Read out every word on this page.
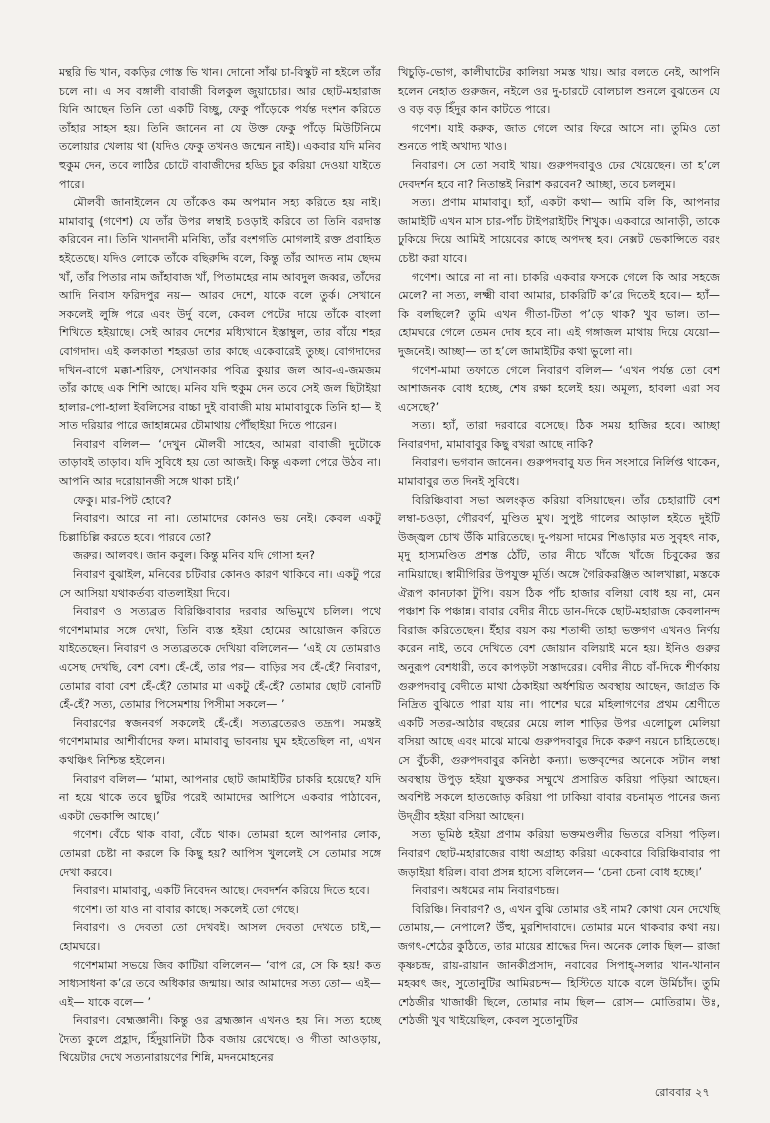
মন্থরি ভি খান, বকড়ির গোস্ত ভি খান। দোনো সাঁঝ চা-বিস্কুট না হইলে তাঁর চলে না। এ সব বঙ্গালী বাবাজী বিলকুল জুয়াচোর। আর ছোট-মহারাজ যিনি আছেন তিনি তো একটি বিচ্ছু, ফেকু পাঁড়েকে পর্যন্ত দংশন করিতে তাঁহার সাহস হয়। তিনি জানেন না যে উক্ত ফেকু পাঁড়ে মিউটিনিমে তলোয়ার খেলায় থা (যদিও ফেকু তখনও জন্মেন নাই)। একবার যদি মনিব হুকুম দেন, তবে লাঠির চোটে বাবাজীদের হড্ডি চুর করিয়া দেওয়া যাইতে পারে।

মৌলবী জানাইলেন যে তাঁকেও কম অপমান সহ্য করিতে হয় নাই। মামাবাবু (গণেশ) যে তাঁর উপর লম্বাই চওড়াই করিবে তা তিনি বরদাস্ত করিবেন না। তিনি খানদানী মনিষ্যি, তাঁর বংশগতি মোগলাই রক্ত প্রবাহিত হইতেছে। যদিও লোকে তাঁকে বছিরুদ্দি বলে, কিন্তু তাঁর আদত নাম ছেদম খাঁ, তাঁর পিতার নাম জাঁহাবাজ খাঁ, পিতামহের নাম আবদুল জব্বর, তাঁদের আদি নিবাস ফরিদপুর নয়— আরব দেশে, যাকে বলে তুর্ক। সেখানে সকলেই লুঙ্গি পরে এবং উর্দু বলে, কেবল পেটের দায়ে তাঁকে বাংলা শিখিতে হইয়াছে। সেই আরব দেশের মধ্যিখানে ইস্তাম্বুল, তার বাঁয়ে শহর বোগদাদ। এই কলকাতা শহরডা তার কাছে একেবারেই তুচ্ছ। বোগদাদের দখিন-বাগে মক্কা-শরিফ, সেখানকার পবিত্র কুয়ার জল আব-এ-জমজম তাঁর কাছে এক শিশি আছে। মনিব যদি হুকুম দেন তবে সেই জল ছিটাইয়া হালার-পো-হালা ইবলিসের বাচ্চা দুই বাবাজী মায় মামাবাবুকে তিনি হা— ই সাত দরিয়ার পারে জাহান্নমের চৌমাথায় পৌঁছাইয়া দিতে পারেন।

নিবারণ বলিল— ‘দেখুন মৌলবী সাহেব, আমরা বাবাজী দুটোকে তাড়াবই তাড়াব। যদি সুবিধে হয় তো আজই। কিন্তু একলা পেরে উঠব না। আপনি আর দরোয়ানজী সঙ্গে থাকা চাই।’

ফেকু। মার-পিট হোবে?

নিবারণ। আরে না না। তোমাদের কোনও ভয় নেই। কেবল একটু চিল্লাচিল্লি করতে হবে। পারবে তো?

জরুর। আলবৎ। জান কবুল। কিন্তু মনিব যদি গোসা হন?

নিবারণ বুঝাইল, মনিবের চটিবার কোনও কারণ থাকিবে না। একটু পরে সে আসিয়া যথাকর্তব্য বাতলাইয়া দিবে।

নিবারণ ও সত্যব্রত বিরিঞ্চিবাবার দরবার অভিমুখে চলিল। পথে গণেশমামার সঙ্গে দেখা, তিনি ব্যস্ত হইয়া হোমের আয়োজন করিতে যাইতেছেন। নিবারণ ও সত্যব্রতকে দেখিয়া বলিলেন— ‘এই যে তোমরাও এসেছ দেখছি, বেশ বেশ। হেঁ-হেঁ, তার পর— বাড়ির সব হেঁ-হেঁ? নিবারণ, তোমার বাবা বেশ হেঁ-হেঁ? তোমার মা একটু হেঁ-হেঁ? তোমার ছোট বোনটি হেঁ-হেঁ? সত্য, তোমার পিসেমশায় পিসীমা সকলে— ’

নিবারণের স্বজনবর্গ সকলেই হেঁ-হেঁ। সত্যব্রতেরও তদ্রূপ। সমস্তই গণেশমামার আশীর্বাদের ফল। মামাবাবু ভাবনায় ঘুম হইতেছিল না, এখন কথঞ্চিৎ নিশ্চিন্ত হইলেন।

নিবারণ বলিল— ‘মামা, আপনার ছোট জামাইটির চাকরি হয়েছে? যদি না হয়ে থাকে তবে ছুটির পরেই আমাদের আপিসে একবার পাঠাবেন, একটা ভেকান্সি আছে।’

গণেশ। বেঁচে থাক বাবা, বেঁচে থাক। তোমরা হলে আপনার লোক, তোমরা চেষ্টা না করলে কি কিছু হয়? আপিস খুললেই সে তোমার সঙ্গে দেখা করবে।

নিবারণ। মামাবাবু, একটি নিবেদন আছে। দেবদর্শন করিয়ে দিতে হবে।

গণেশ। তা যাও না বাবার কাছে। সকলেই তো গেছে।

নিবারণ। ও দেবতা তো দেখবই। আসল দেবতা দেখতে চাই,— হোমঘরে।

গণেশমামা সভয়ে জিব কাটিয়া বলিলেন— ‘বাপ রে, সে কি হয়! কত সাধ্যসাধনা ক’রে তবে অধিকার জন্মায়। আর আমাদের সত্য তো— এই— এই— যাকে বলে— ’

নিবারণ। বেহ্মজ্ঞানী। কিন্তু ওর ব্রহ্মজ্ঞান এখনও হয় নি। সত্য হচ্ছে দৈত্য কুলে প্রহ্লাদ, হিঁদুয়ানিটা ঠিক বজায় রেখেছে। ও গীতা আওড়ায়, থিয়েটার দেখে সত্যনারায়ণের শিন্নি, মদনমোহনের

খিচুড়ি-ভোগ, কালীঘাটের কালিয়া সমস্ত খায়। আর বলতে নেই, আপনি হলেন নেহাত গুরুজন, নইলে ওর দু-চারটে বোলচাল শুনলে বুঝতেন যে ও বড় বড় হিঁদুর কান কাটতে পারে।

গণেশ। যাই করুক, জাত গেলে আর ফিরে আসে না। তুমিও তো শুনতে পাই অখাদ্য খাও।

নিবারণ। সে তো সবাই খায়। গুরুপদবাবুও ঢের খেয়েছেন। তা হ’লে দেবদর্শন হবে না? নিতান্তই নিরাশ করবেন? আচ্ছা, তবে চললুম।

সত্য। প্রণাম মামাবাবু। হ্যাঁ, একটা কথা— আমি বলি কি, আপনার জামাইটি এখন মাস চার-পাঁচ টাইপরাইটিং শিখুক। একবারে আনাড়ী, তাকে ঢুকিয়ে দিয়ে আমিই সায়েবের কাছে অপদস্থ হব। নেক্সট ভেকান্সিতে বরং চেষ্টা করা যাবে।

গণেশ। আরে না না না। চাকরি একবার ফসকে গেলে কি আর সহজে মেলে? না সত্য, লক্ষ্মী বাবা আমার, চাকরিটি ক’রে দিতেই হবে।— হ্যাঁ— কি বলছিলে? তুমি এখন গীতা-টিতা প’ড়ে থাক? খুব ভাল। তা— হোমঘরে গেলে তেমন দোষ হবে না। এই গঙ্গাজল মাথায় দিয়ে যেয়ো— দুজনেই। আচ্ছা— তা হ’লে জামাইটির কথা ভুলো না।

গণেশ-মামা তফাতে গেলে নিবারণ বলিল— ‘এখন পর্যন্ত তো বেশ আশাজনক বোধ হচ্ছে, শেষ রক্ষা হলেই হয়। অমূল্য, হাবলা এরা সব এসেছে?’

সত্য। হ্যাঁ, তারা দরবারে বসেছে। ঠিক সময় হাজির হবে। আচ্ছা নিবারণদা, মামাবাবুর কিছু বখরা আছে নাকি?

নিবারণ। ভগবান জানেন। গুরুপদবাবু যত দিন সংসারে নির্লিপ্ত থাকেন, মামাবাবুর তত দিনই সুবিধে।

বিরিঞ্চিবাবা সভা অলংকৃত করিয়া বসিয়াছেন। তাঁর চেহারাটি বেশ লম্বা-চওড়া, গৌরবর্ণ, মুণ্ডিত মুখ। সুপুষ্ট গালের আড়াল হইতে দুইটি উজ্জ্বল চোখ উঁকি মারিতেছে। দু-পয়সা দামের শিঙাড়ার মত সুবৃহৎ নাক, মৃদু হাস্যমণ্ডিত প্রশস্ত ঠোঁট, তার নীচে খাঁজে খাঁজে চিবুকের স্তর নামিয়াছে। স্বামীগিরির উপযুক্ত মূর্তি। অঙ্গে গৈরিকরঞ্জিত আলখাল্লা, মস্তকে ঐরূপ কানঢাকা টুপি। বয়স ঠিক পাঁচ হাজার বলিয়া বোধ হয় না, মেন পঞ্চাশ কি পঞ্চান্ন। বাবার বেদীর নীচে ডান-দিকে ছোট-মহারাজ কেবলানন্দ বিরাজ করিতেছেন। ইঁহার বয়স কয় শতাব্দী তাহা ভক্তগণ এখনও নির্ণয় করেন নাই, তবে দেখিতে বেশ জোয়ান বলিয়াই মনে হয়। ইনিও গুরুর অনুরূপ বেশধারী, তবে কাপড়টা সস্তাদরের। বেদীর নীচে বাঁ-দিকে শীর্ণকায় গুরুপদবাবু বেদীতে মাথা ঠেকাইয়া অর্ধশয়িত অবস্থায় আছেন, জাগ্রত কি নিদ্রিত বুঝিতে পারা যায় না। পাশের ঘরে মহিলাগণের প্রথম শ্রেণীতে একটি সতর-আঠার বছরের মেয়ে লাল শাড়ির উপর এলোচুল মেলিয়া বসিয়া আছে এবং মাঝে মাঝে গুরুপদবাবুর দিকে করুণ নয়নে চাহিতেছে। সে বুঁচকী, গুরুপদবাবুর কনিষ্ঠা কন্যা। ভক্তবৃন্দের অনেকে সটান লম্বা অবস্থায় উপুড় হইয়া যুক্তকর সম্মুখে প্রসারিত করিয়া পড়িয়া আছেন। অবশিষ্ট সকলে হাতজোড় করিয়া পা ঢাকিয়া বাবার বচনামৃত পানের জন্য উদ্গ্রীব হইয়া বসিয়া আছেন।

সত্য ভূমিষ্ঠ হইয়া প্রণাম করিয়া ভক্তমণ্ডলীর ভিতরে বসিয়া পড়িল। নিবারণ ছোট-মহারাজের বাধা অগ্রাহ্য করিয়া একেবারে বিরিঞ্চিবাবার পা জড়াইয়া ধরিল। বাবা প্রসন্ন হাস্যে বলিলেন— ‘চেনা চেনা বোধ হচ্ছে।’

নিবারণ। অধমের নাম নিবারণচন্দ্র।

বিরিঞ্চি। নিবারণ? ও, এখন বুঝি তোমার ওই নাম? কোথা যেন দেখেছি তোমায়,— নেপালে? উঁহু, মুরশিদাবাদে। তোমার মনে থাকবার কথা নয়। জগৎ-শেঠের কুঠিতে, তার মায়ের শ্রাদ্ধের দিন। অনেক লোক ছিল— রাজা কৃষ্ণচন্দ্র, রায়-রায়ান জানকীপ্রসাদ, নবাবের সিপাহ্-সলার খান-খানান মহব্বৎ জং, সুতোনুটির আমিরচন্দ— হিস্টিতে যাকে বলে উর্মিচাঁদ। তুমি শেঠজীর খাজাঞ্চী ছিলে, তোমার নাম ছিল— রোস— মোতিরাম। উঃ, শেঠজী খুব খাইয়েছিল, কেবল সুতোনুটির

রোববার ২৭
